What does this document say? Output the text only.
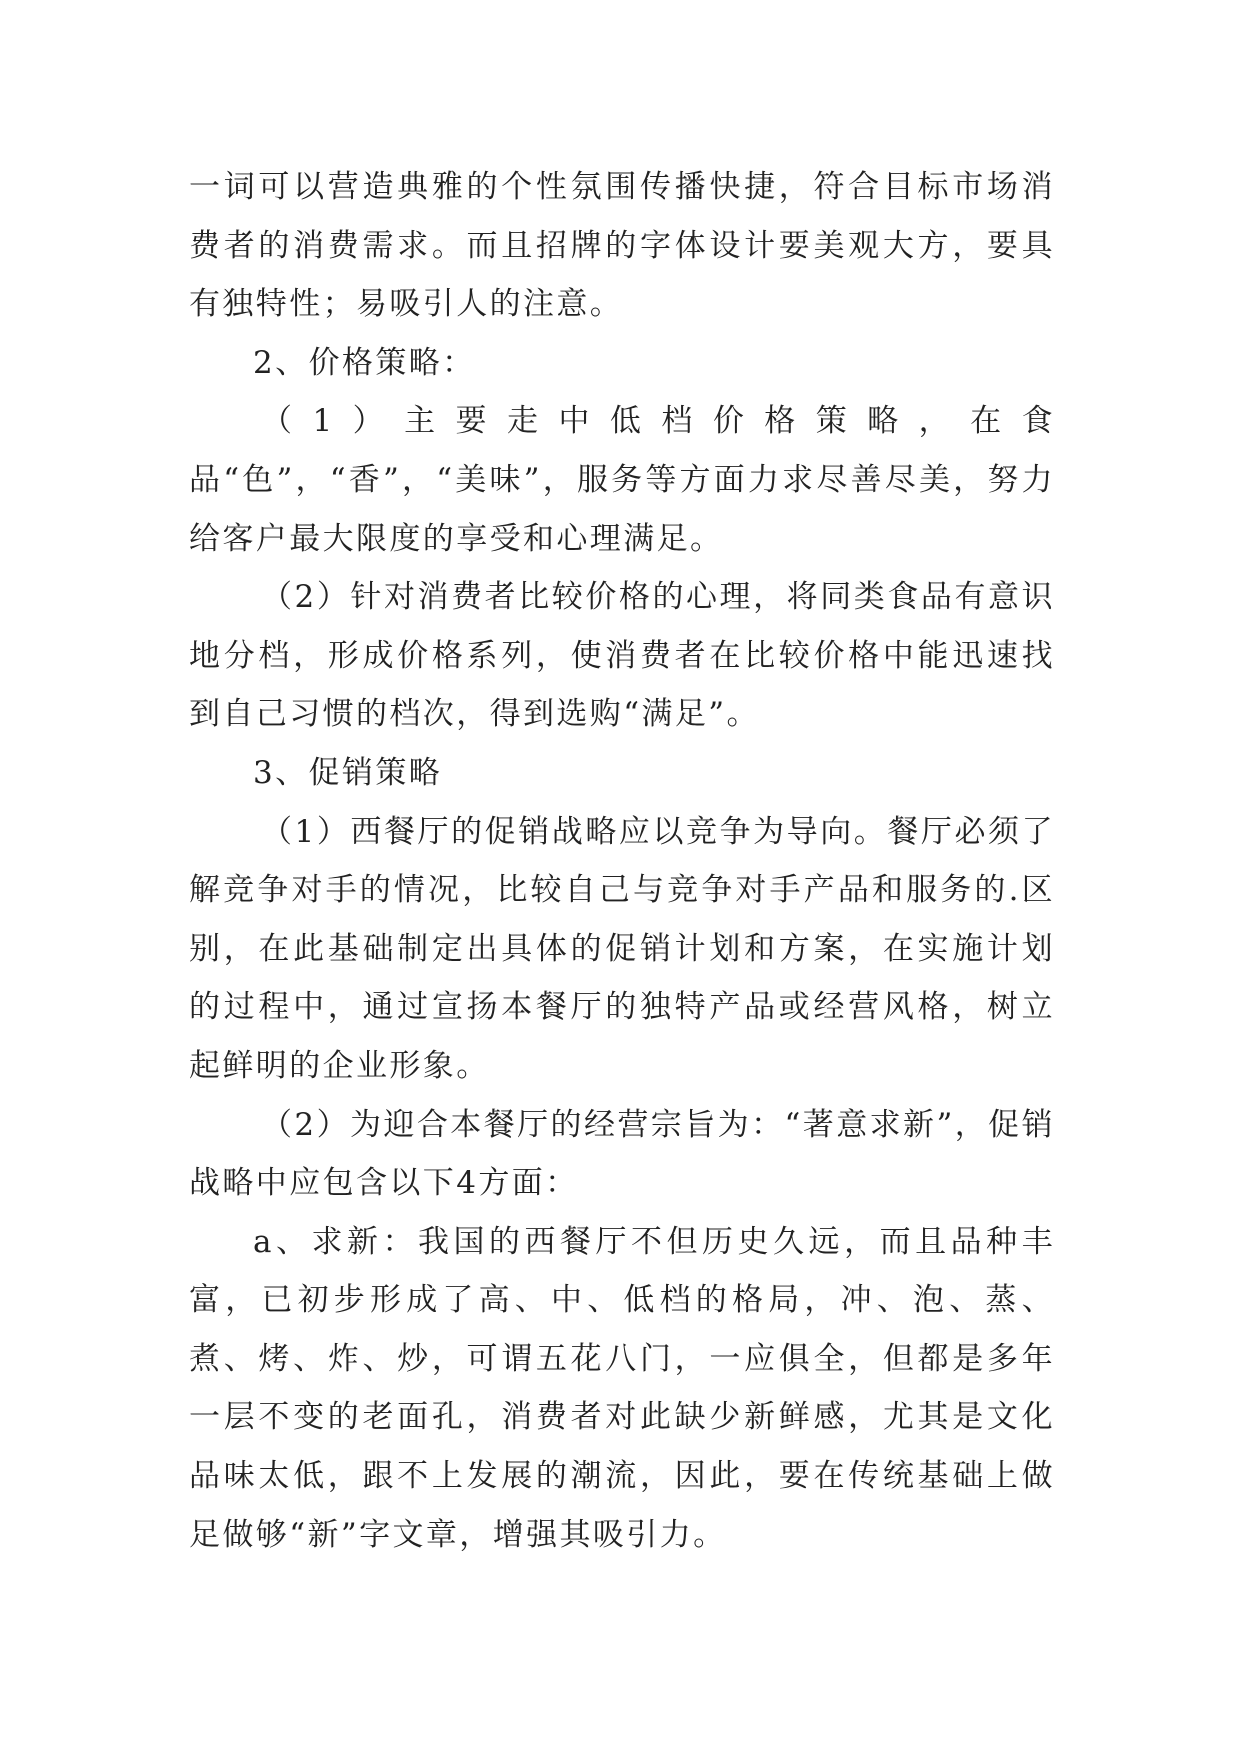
一词可以营造典雅的个性氛围传播快捷，符合目标市场消费者的消费需求。而且招牌的字体设计要美观大方，要具有独特性；易吸引人的注意。

2、价格策略：

（1）主要走中低档价格策略，在食品“色”，“香”，“美味”，服务等方面力求尽善尽美，努力给客户最大限度的享受和心理满足。

（2）针对消费者比较价格的心理，将同类食品有意识地分档，形成价格系列，使消费者在比较价格中能迅速找到自己习惯的档次，得到选购“满足”。

3、促销策略

（1）西餐厅的促销战略应以竞争为导向。餐厅必须了解竞争对手的情况，比较自己与竞争对手产品和服务的.区别，在此基础制定出具体的促销计划和方案，在实施计划的过程中，通过宣扬本餐厅的独特产品或经营风格，树立起鲜明的企业形象。

（2）为迎合本餐厅的经营宗旨为：“著意求新”，促销战略中应包含以下4方面：

a、求新：我国的西餐厅不但历史久远，而且品种丰富，已初步形成了高、中、低档的格局，冲、泡、蒸、煮、烤、炸、炒，可谓五花八门，一应俱全，但都是多年一层不变的老面孔，消费者对此缺少新鲜感，尤其是文化品味太低，跟不上发展的潮流，因此，要在传统基础上做足做够“新”字文章，增强其吸引力。
